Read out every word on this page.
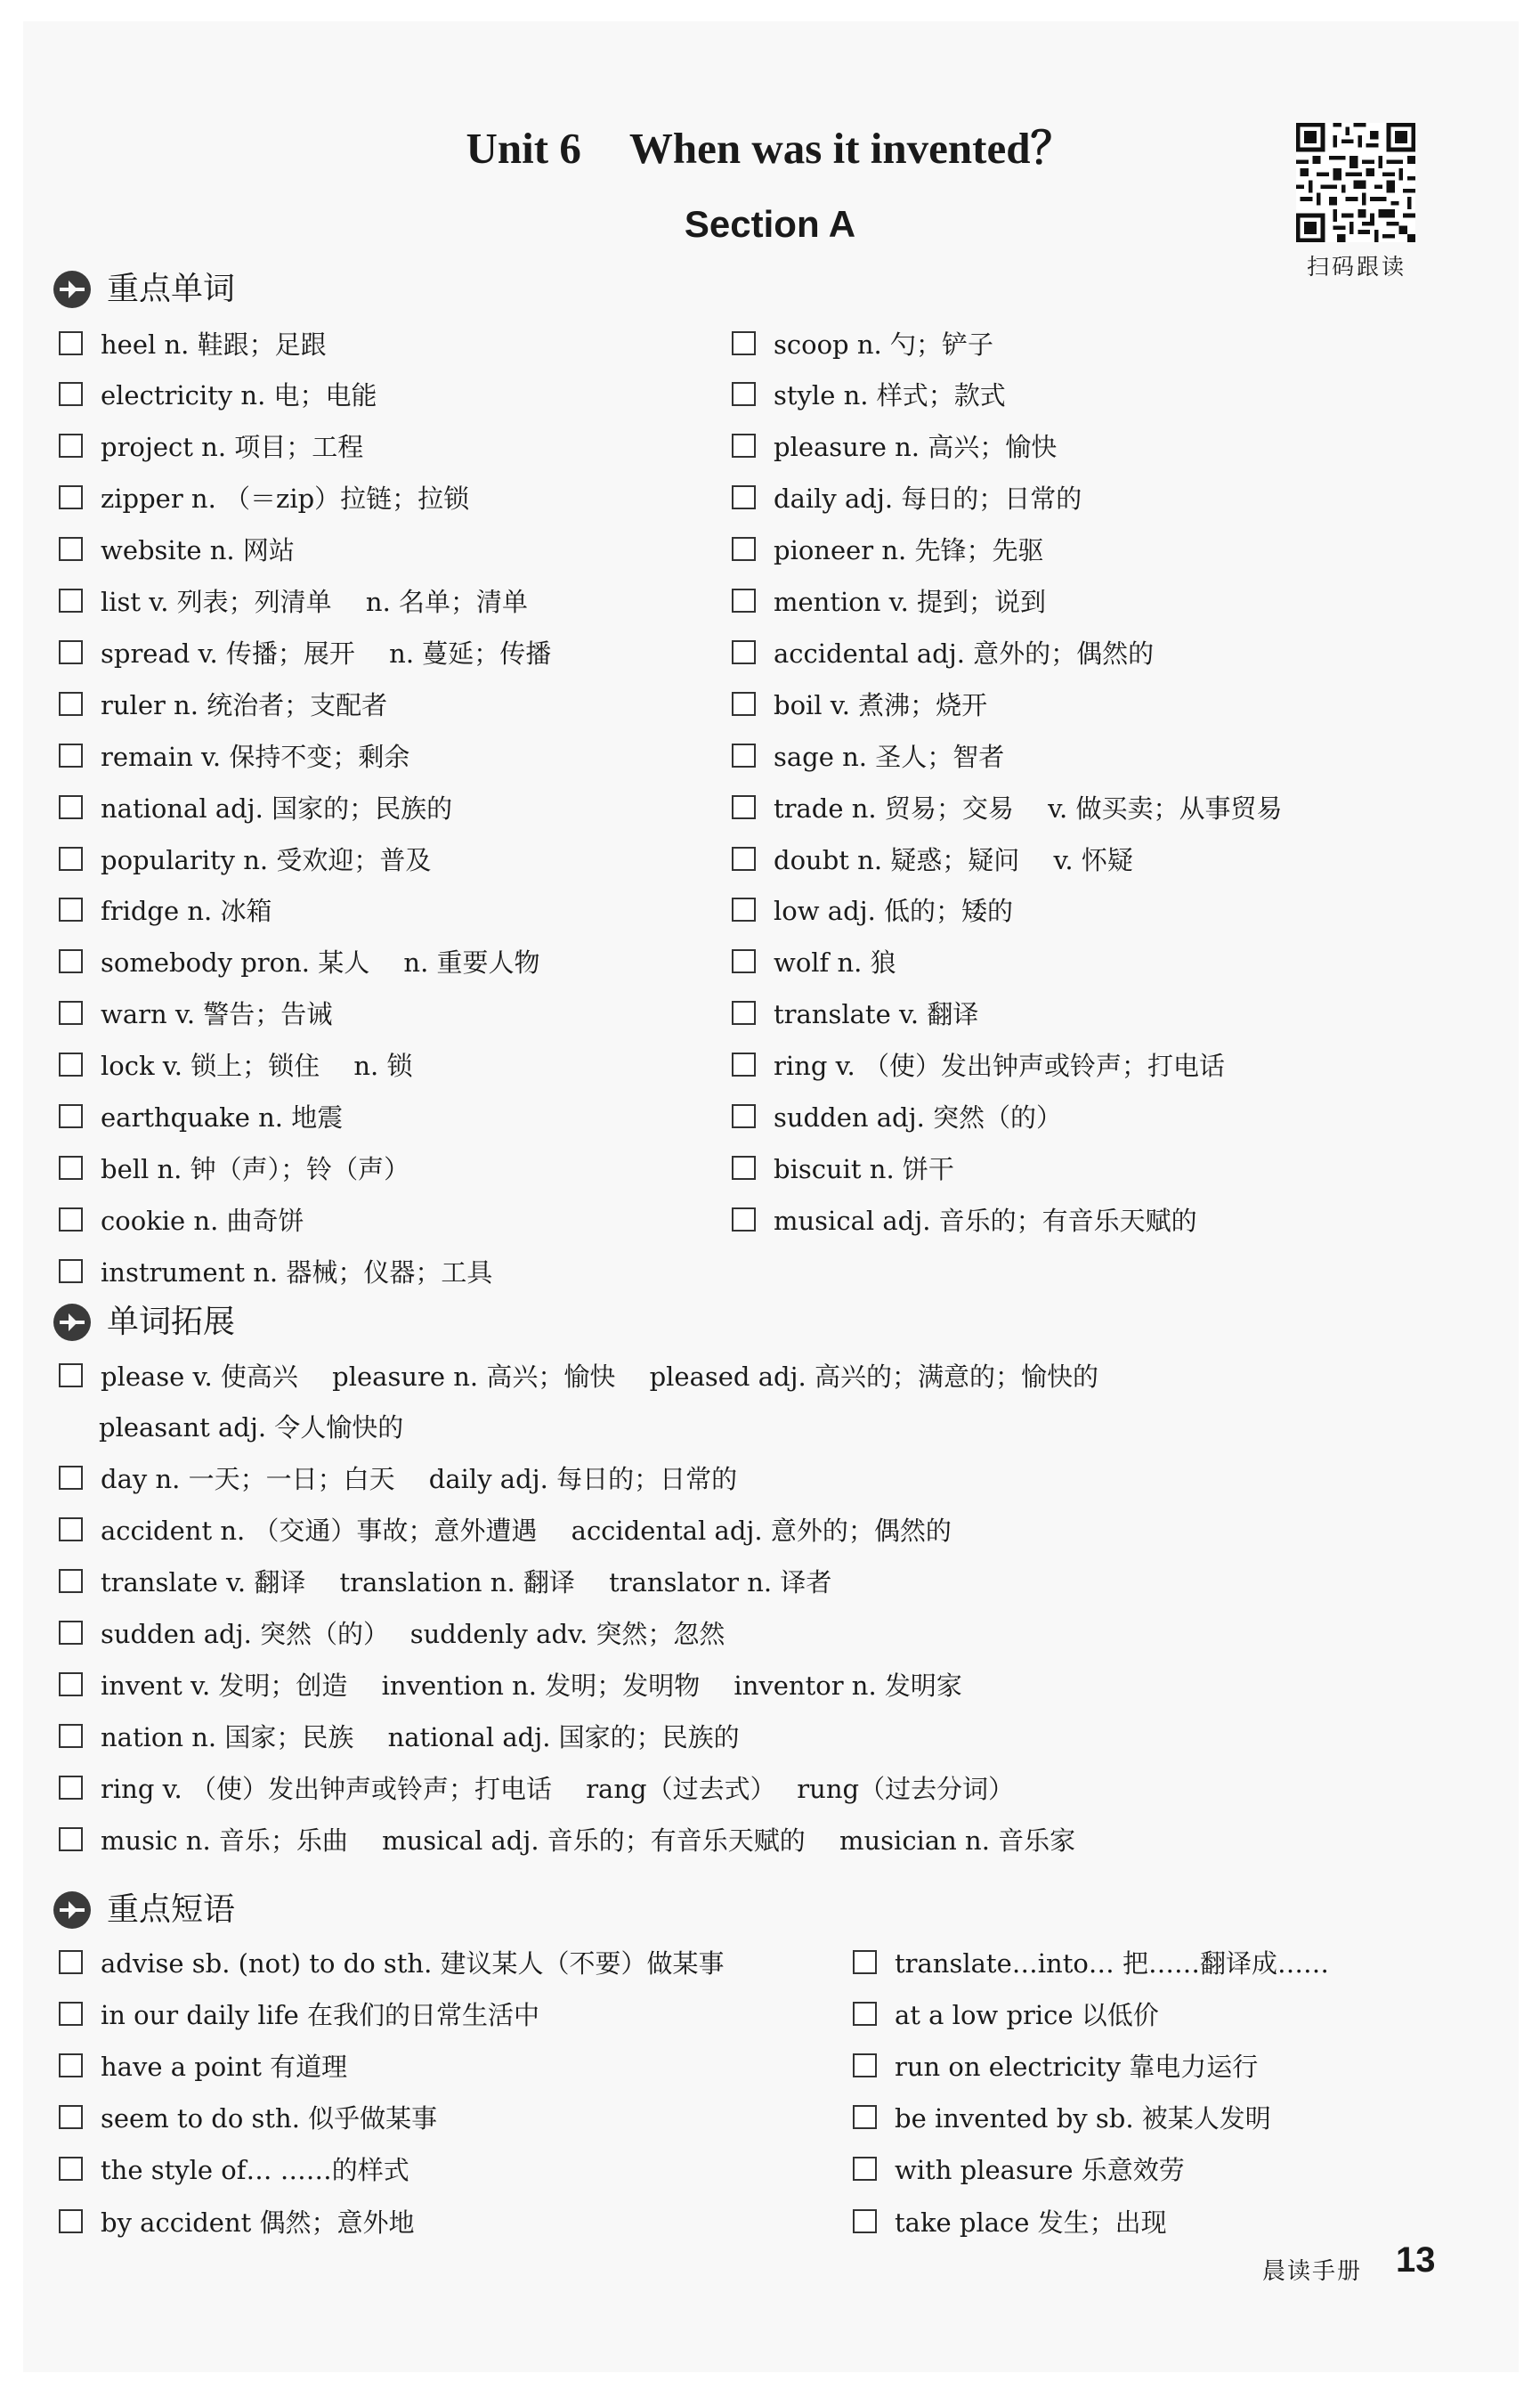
Unit 6 When was it invented？
Section A
扫码跟读
重点单词
heel n. 鞋跟；足跟
electricity n. 电；电能
project n. 项目；工程
zipper n. （＝zip）拉链；拉锁
website n. 网站
list v. 列表；列清单　 n. 名单；清单
spread v. 传播；展开　 n. 蔓延；传播
ruler n. 统治者；支配者
remain v. 保持不变；剩余
national adj. 国家的；民族的
popularity n. 受欢迎；普及
fridge n. 冰箱
somebody pron. 某人　 n. 重要人物
warn v. 警告；告诫
lock v. 锁上；锁住　 n. 锁
earthquake n. 地震
bell n. 钟（声）；铃（声）
cookie n. 曲奇饼
instrument n. 器械；仪器；工具
scoop n. 勺；铲子
style n. 样式；款式
pleasure n. 高兴；愉快
daily adj. 每日的；日常的
pioneer n. 先锋；先驱
mention v. 提到；说到
accidental adj. 意外的；偶然的
boil v. 煮沸；烧开
sage n. 圣人；智者
trade n. 贸易；交易　 v. 做买卖；从事贸易
doubt n. 疑惑；疑问　 v. 怀疑
low adj. 低的；矮的
wolf n. 狼
translate v. 翻译
ring v. （使）发出钟声或铃声；打电话
sudden adj. 突然（的）
biscuit n. 饼干
musical adj. 音乐的；有音乐天赋的
单词拓展
please v. 使高兴　 pleasure n. 高兴；愉快　 pleased adj. 高兴的；满意的；愉快的
day n. 一天；一日；白天　 daily adj. 每日的；日常的
accident n. （交通）事故；意外遭遇　 accidental adj. 意外的；偶然的
translate v. 翻译　 translation n. 翻译　 translator n. 译者
sudden adj. 突然（的）　 suddenly adv. 突然；忽然
invent v. 发明；创造　 invention n. 发明；发明物　 inventor n. 发明家
nation n. 国家；民族　 national adj. 国家的；民族的
ring v. （使）发出钟声或铃声；打电话　 rang（过去式）　 rung（过去分词）
music n. 音乐；乐曲　 musical adj. 音乐的；有音乐天赋的　 musician n. 音乐家
pleasant adj. 令人愉快的
重点短语
advise sb. (not) to do sth. 建议某人（不要）做某事
in our daily life 在我们的日常生活中
have a point 有道理
seem to do sth. 似乎做某事
the style of… ……的样式
by accident 偶然；意外地
translate…into… 把……翻译成……
at a low price 以低价
run on electricity 靠电力运行
be invented by sb. 被某人发明
with pleasure 乐意效劳
take place 发生；出现
晨读手册 13
